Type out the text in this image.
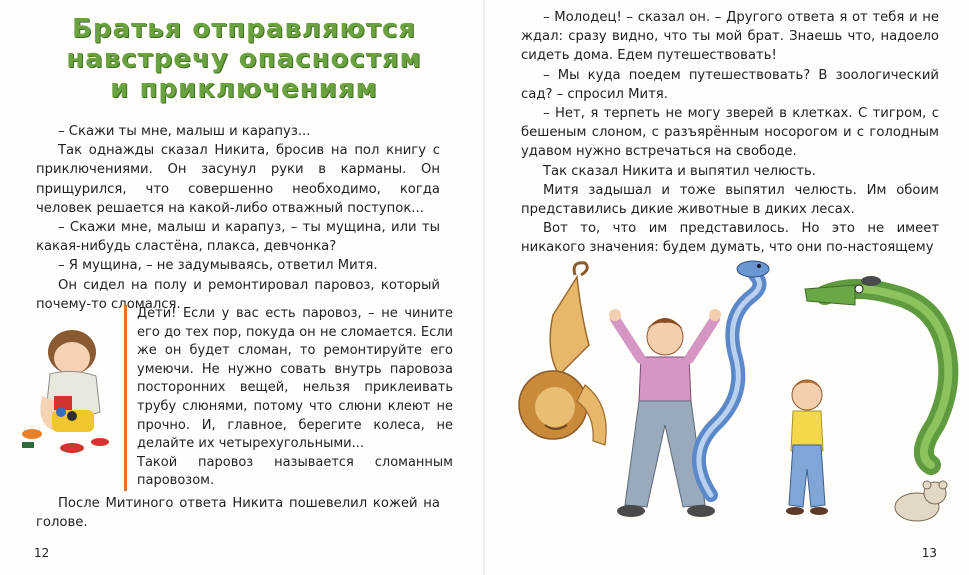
Братья отправляются
навстречу опасностям
и приключениям

– Скажи ты мне, малыш и карапуз...

Так однажды сказал Никита, бросив на пол книгу с приключениями. Он засунул руки в карманы. Он прищурился, что совершенно необходимо, когда человек решается на какой-либо отважный поступок...

– Скажи мне, малыш и карапуз, – ты мущина, или ты какая-нибудь сластёна, плакса, девчонка?

– Я мущина, – не задумываясь, ответил Митя.

Он сидел на полу и ремонтировал паровоз, который почему-то сломался.

Дети! Если у вас есть паровоз, – не чините его до тех пор, покуда он не сломается. Если же он будет сломан, то ремонтируйте его умеючи. Не нужно совать внутрь паровоза посторонних вещей, нельзя приклеивать трубу слюнями, потому что слюни клеют не прочно. И, главное, берегите колеса, не делайте их четырехугольными...

Такой паровоз называется сломанным паровозом.

После Митиного ответа Никита пошевелил кожей на голове.

12

– Молодец! – сказал он. – Другого ответа я от тебя и не ждал: сразу видно, что ты мой брат. Знаешь что, надоело сидеть дома. Едем путешествовать!

– Мы куда поедем путешествовать? В зоологический сад? – спросил Митя.

– Нет, я терпеть не могу зверей в клетках. С тигром, с бешеным слоном, с разъярённым носорогом и с голодным удавом нужно встречаться на свободе.

Так сказал Никита и выпятил челюсть.

Митя задышал и тоже выпятил челюсть. Им обоим представились дикие животные в диких лесах.

Вот то, что им представилось. Но это не имеет никакого значения: будем думать, что они по-настоящему

13
